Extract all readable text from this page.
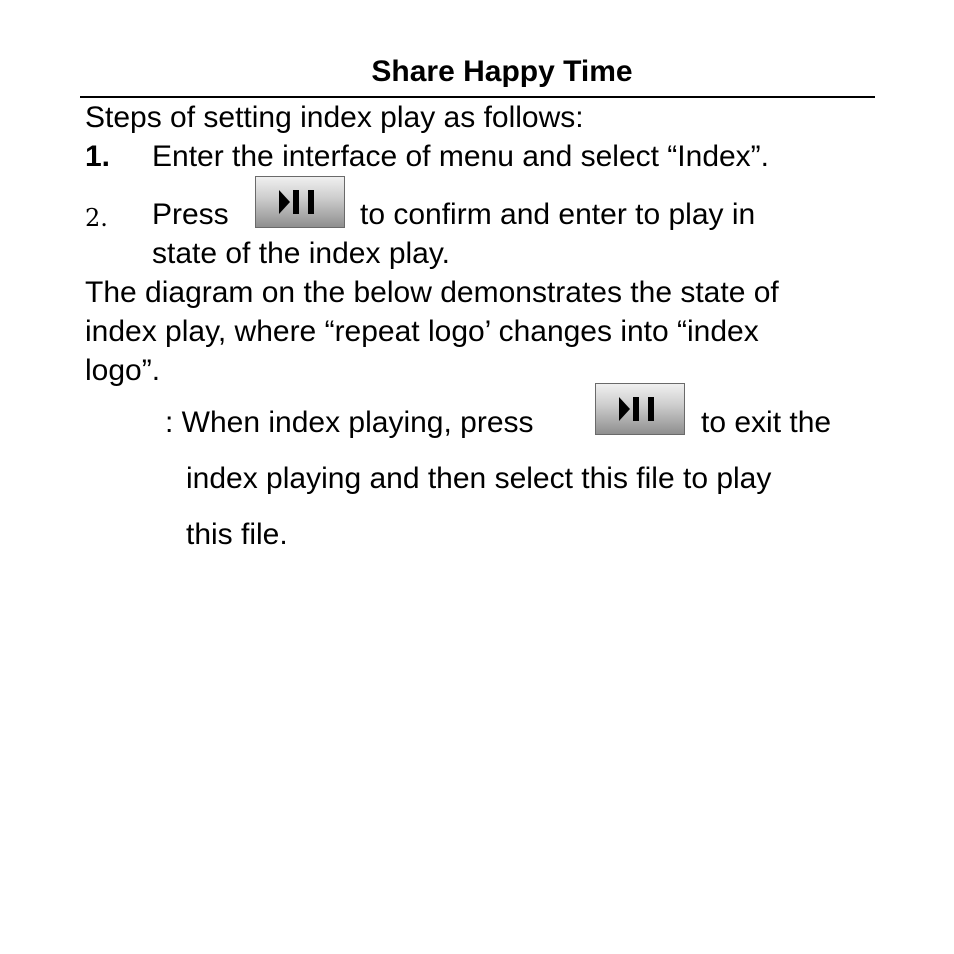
Share Happy Time
Steps of setting index play as follows:
1. Enter the interface of menu and select “Index”.
2. Press	to confirm and enter to play in
state of the index play.
The diagram on the below demonstrates the state of
index play, where “repeat logo’ changes into “index
logo”.
: When index playing, press	to exit the
index playing and then select this file to play
this file.
